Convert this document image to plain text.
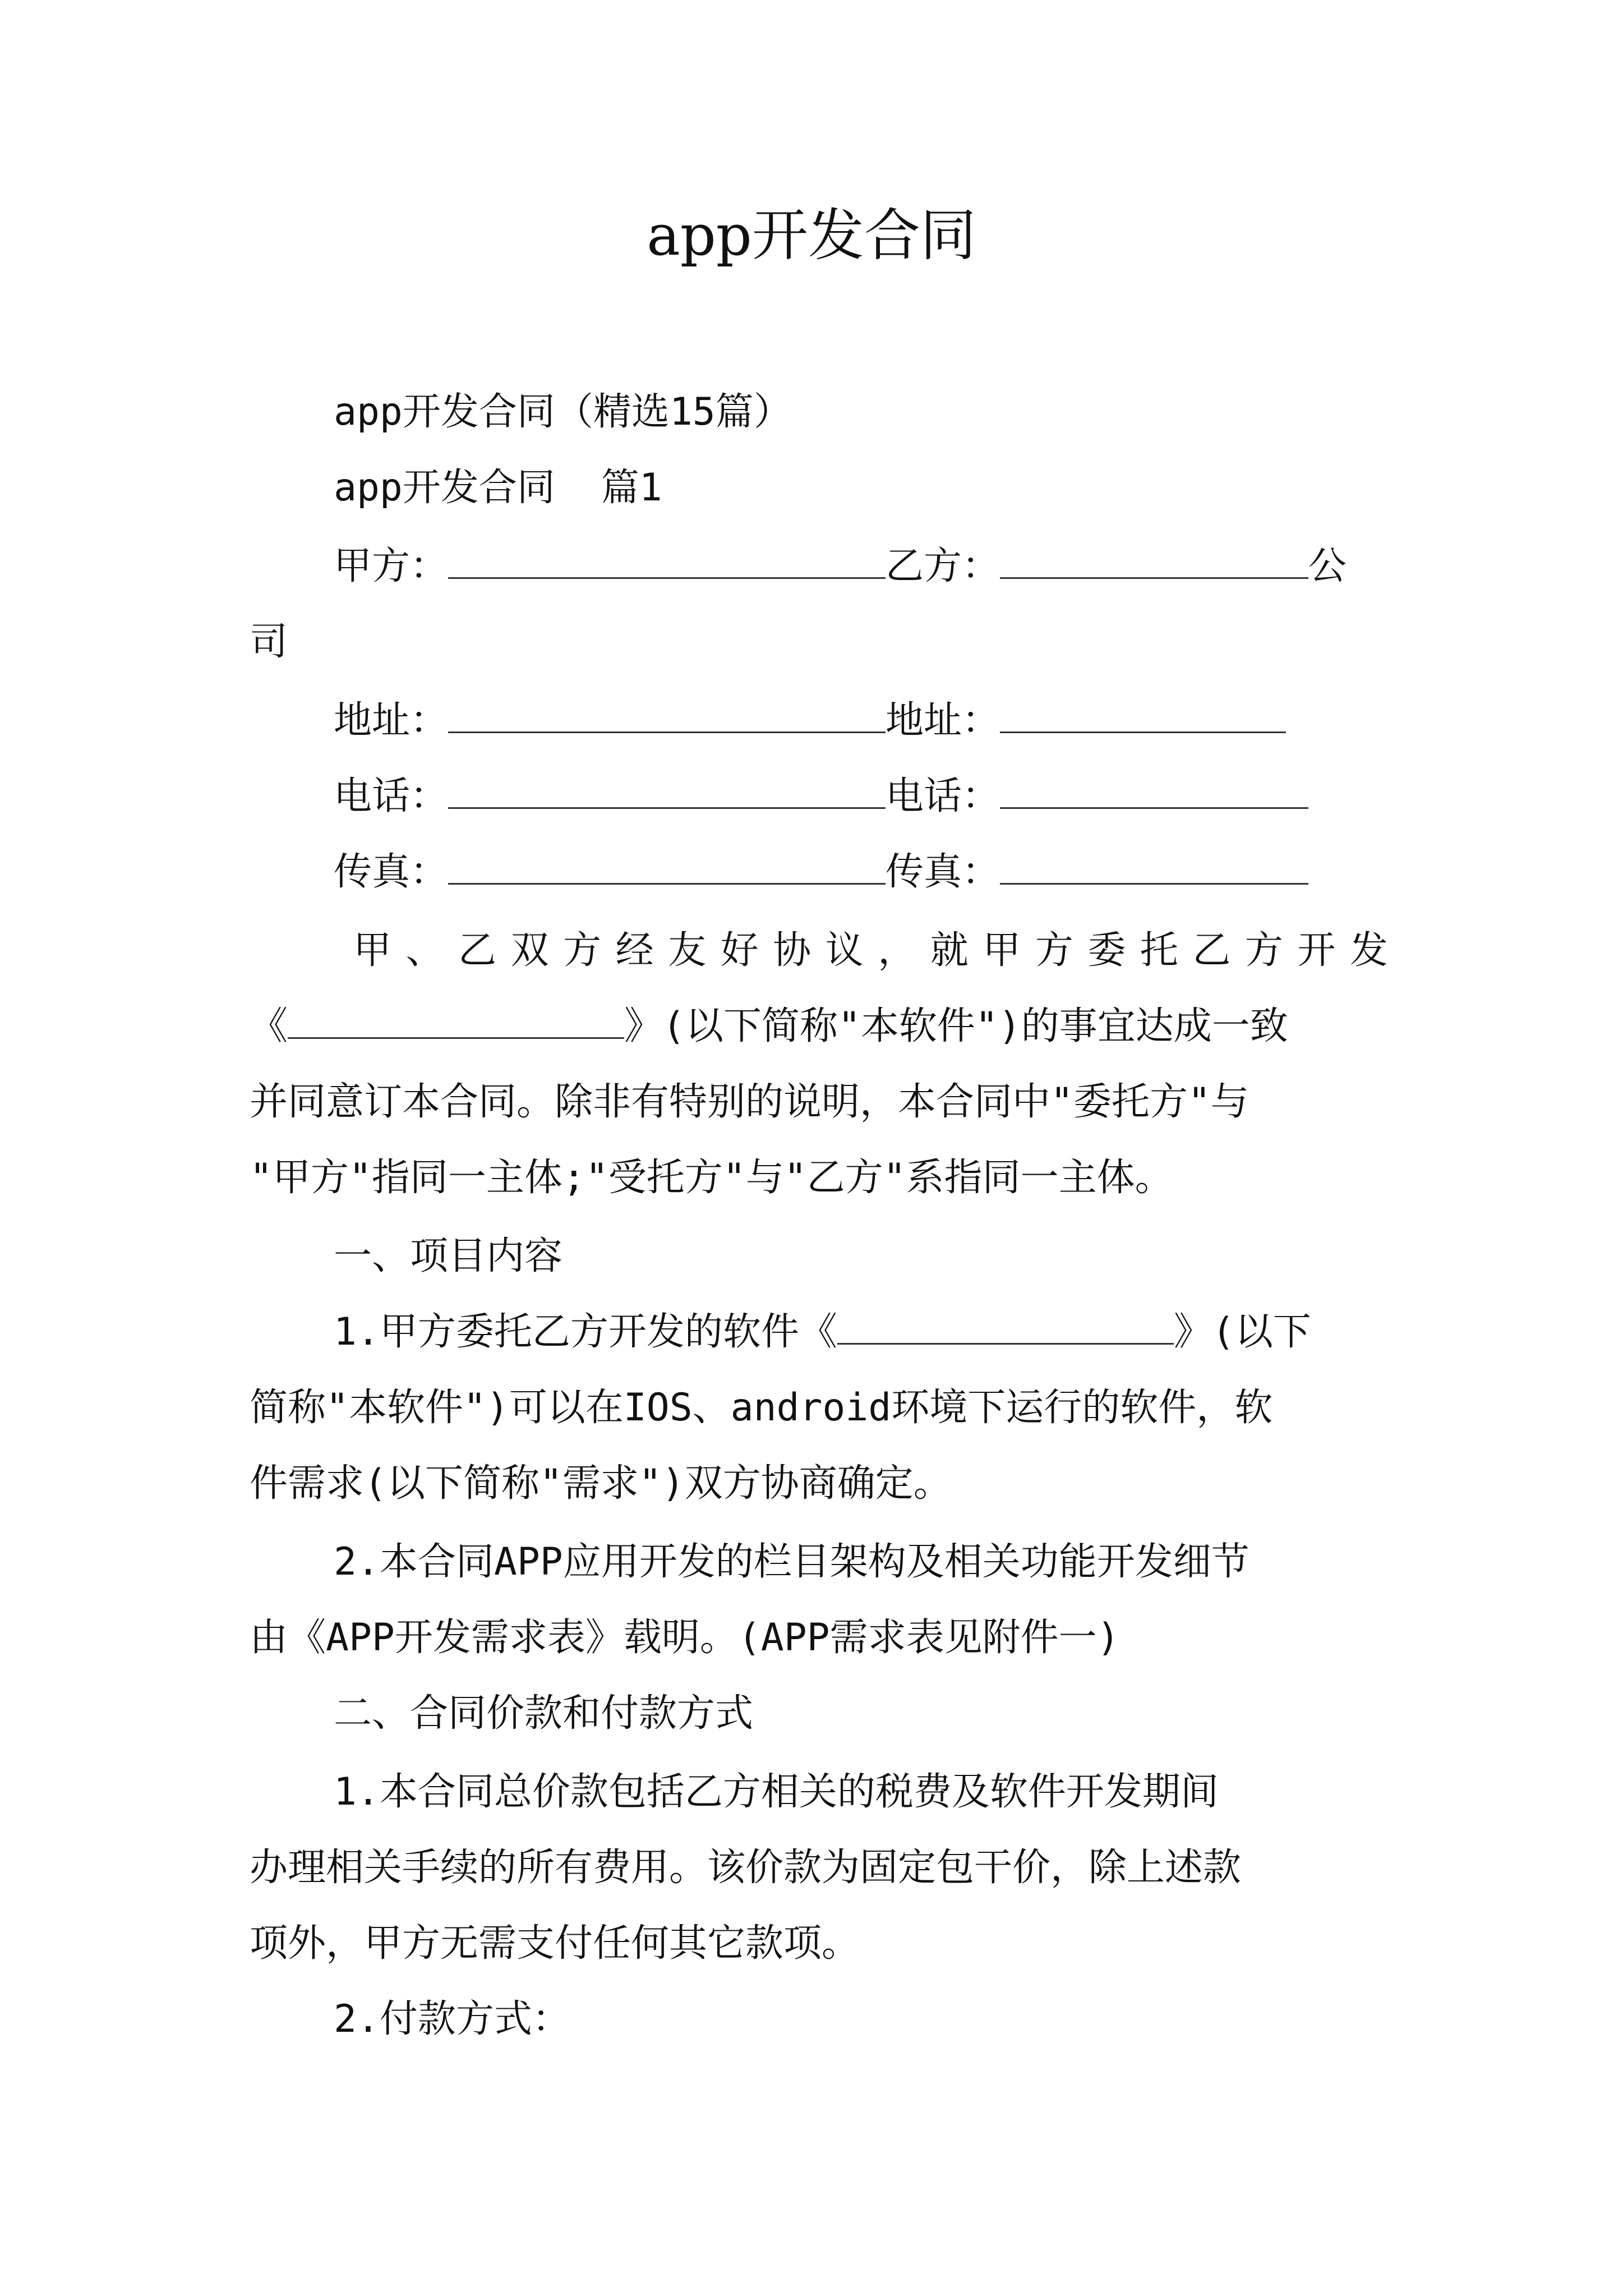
app开发合同
app开发合同（精选15篇）
app开发合同  篇1
甲方：	乙方：	公
司
地址：	地址：
电话：	电话：
传真：	传真：
甲、乙双方经友好协议，就甲方委托乙方开发
《	》(以下简称"本软件")的事宜达成一致
并同意订本合同。除非有特别的说明，本合同中"委托方"与
"甲方"指同一主体;"受托方"与"乙方"系指同一主体。
一、项目内容
1.甲方委托乙方开发的软件《	》(以下
简称"本软件")可以在IOS、android环境下运行的软件，软
件需求(以下简称"需求")双方协商确定。
2.本合同APP应用开发的栏目架构及相关功能开发细节
由《APP开发需求表》载明。(APP需求表见附件一)
二、合同价款和付款方式
1.本合同总价款包括乙方相关的税费及软件开发期间
办理相关手续的所有费用。该价款为固定包干价，除上述款
项外，甲方无需支付任何其它款项。
2.付款方式：
